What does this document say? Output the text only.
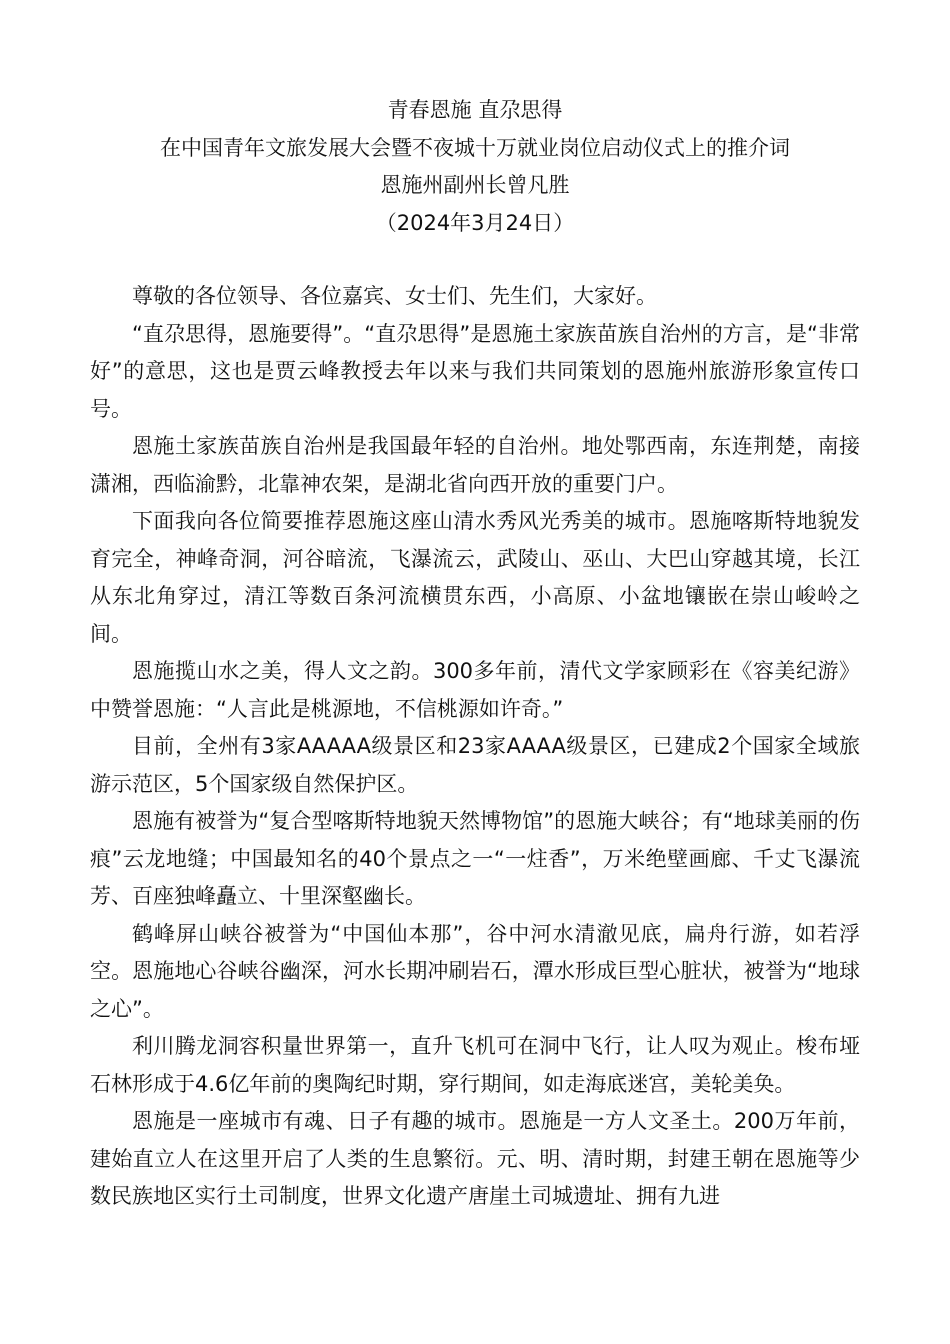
青春恩施 直尕思得
在中国青年文旅发展大会暨不夜城十万就业岗位启动仪式上的推介词
恩施州副州长曾凡胜
（2024年3月24日）

尊敬的各位领导、各位嘉宾、女士们、先生们，大家好。

“直尕思得，恩施要得”。“直尕思得”是恩施土家族苗族自治州的方言，是“非常好”的意思，这也是贾云峰教授去年以来与我们共同策划的恩施州旅游形象宣传口号。

恩施土家族苗族自治州是我国最年轻的自治州。地处鄂西南，东连荆楚，南接潇湘，西临渝黔，北靠神农架，是湖北省向西开放的重要门户。

下面我向各位简要推荐恩施这座山清水秀风光秀美的城市。恩施喀斯特地貌发育完全，神峰奇洞，河谷暗流，飞瀑流云，武陵山、巫山、大巴山穿越其境，长江从东北角穿过，清江等数百条河流横贯东西，小高原、小盆地镶嵌在崇山峻岭之间。

恩施揽山水之美，得人文之韵。300多年前，清代文学家顾彩在《容美纪游》中赞誉恩施：“人言此是桃源地，不信桃源如许奇。”

目前，全州有3家AAAAA级景区和23家AAAA级景区，已建成2个国家全域旅游示范区，5个国家级自然保护区。

恩施有被誉为“复合型喀斯特地貌天然博物馆”的恩施大峡谷；有“地球美丽的伤痕”云龙地缝；中国最知名的40个景点之一“一炷香”，万米绝壁画廊、千丈飞瀑流芳、百座独峰矗立、十里深壑幽长。

鹤峰屏山峡谷被誉为“中国仙本那”，谷中河水清澈见底，扁舟行游，如若浮空。恩施地心谷峡谷幽深，河水长期冲刷岩石，潭水形成巨型心脏状，被誉为“地球之心”。

利川腾龙洞容积量世界第一，直升飞机可在洞中飞行，让人叹为观止。梭布垭石林形成于4.6亿年前的奥陶纪时期，穿行期间，如走海底迷宫，美轮美奂。

恩施是一座城市有魂、日子有趣的城市。恩施是一方人文圣土。200万年前，建始直立人在这里开启了人类的生息繁衍。元、明、清时期，封建王朝在恩施等少数民族地区实行土司制度，世界文化遗产唐崖土司城遗址、拥有九进
